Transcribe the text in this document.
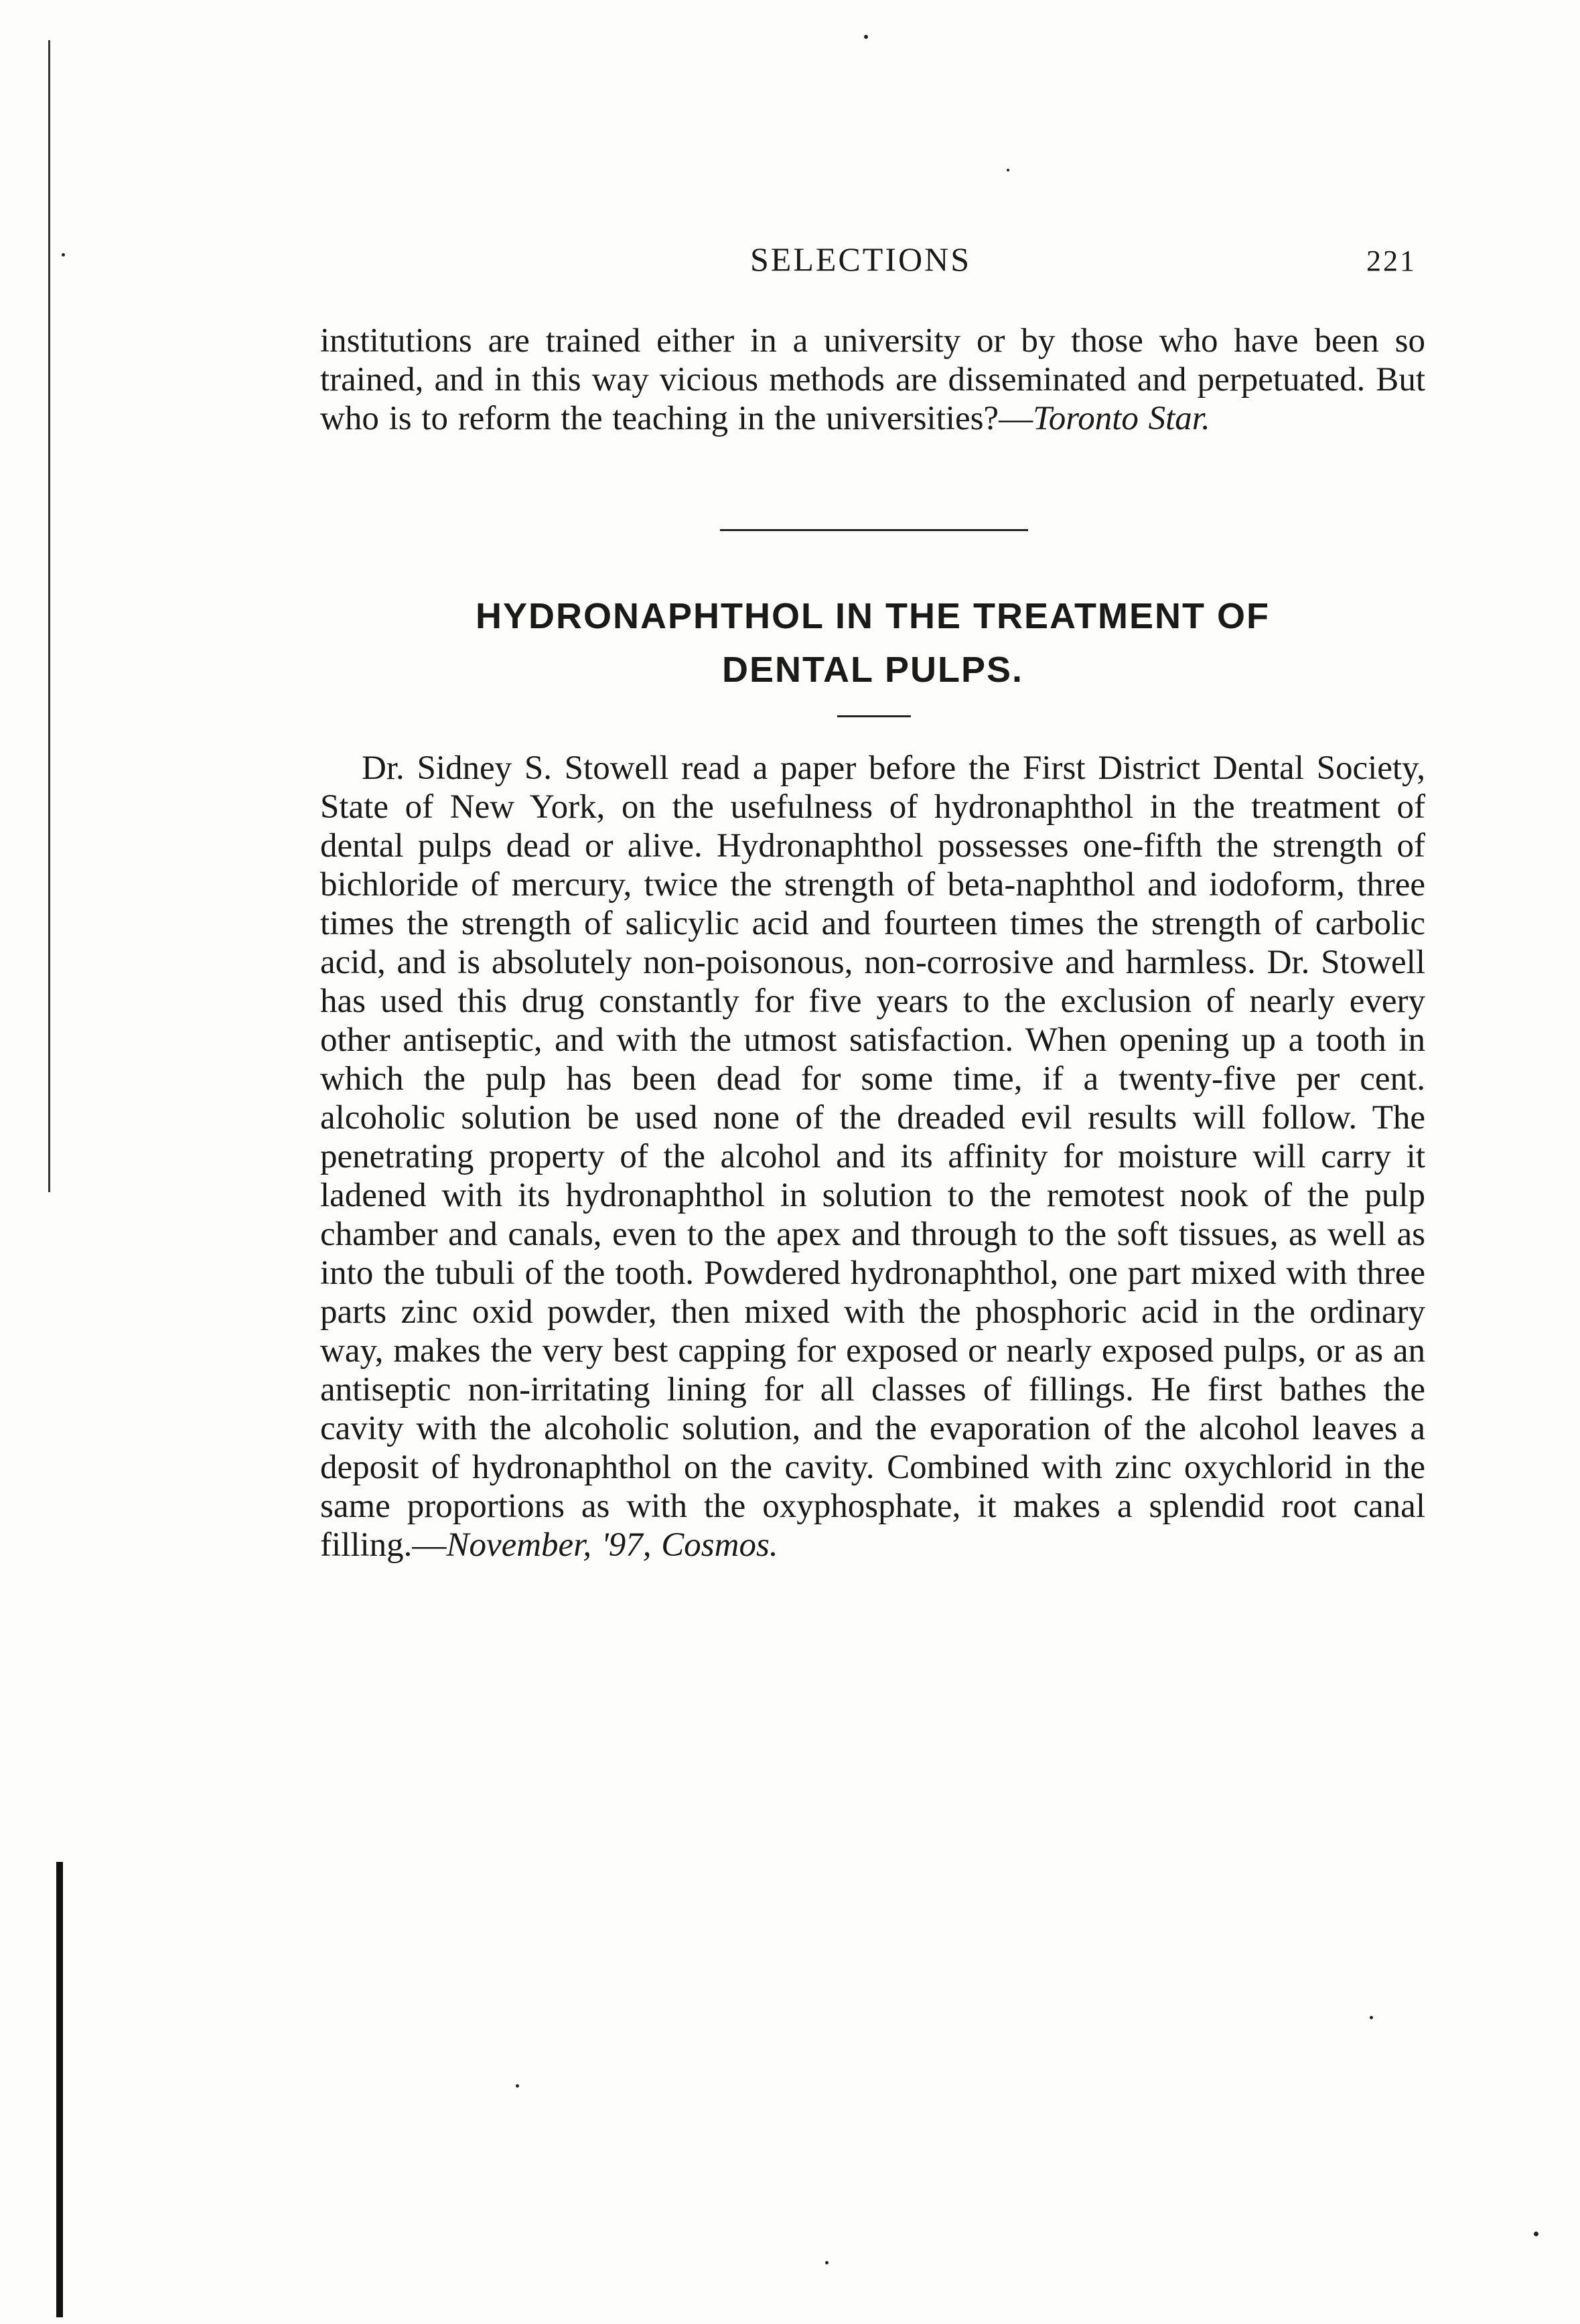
SELECTIONS	221
institutions are trained either in a university or by those who have been so trained, and in this way vicious methods are disseminated and perpetuated. But who is to reform the teaching in the universities?—Toronto Star.
HYDRONAPHTHOL IN THE TREATMENT OF
DENTAL PULPS.
Dr. Sidney S. Stowell read a paper before the First District Dental Society, State of New York, on the usefulness of hydronaphthol in the treatment of dental pulps dead or alive. Hydronaphthol possesses one-fifth the strength of bichloride of mercury, twice the strength of beta-naphthol and iodoform, three times the strength of salicylic acid and fourteen times the strength of carbolic acid, and is absolutely non-poisonous, non-corrosive and harmless. Dr. Stowell has used this drug constantly for five years to the exclusion of nearly every other antiseptic, and with the utmost satisfaction. When opening up a tooth in which the pulp has been dead for some time, if a twenty-five per cent. alcoholic solution be used none of the dreaded evil results will follow. The penetrating property of the alcohol and its affinity for moisture will carry it ladened with its hydronaphthol in solution to the remotest nook of the pulp chamber and canals, even to the apex and through to the soft tissues, as well as into the tubuli of the tooth. Powdered hydronaphthol, one part mixed with three parts zinc oxid powder, then mixed with the phosphoric acid in the ordinary way, makes the very best capping for exposed or nearly exposed pulps, or as an antiseptic non-irritating lining for all classes of fillings. He first bathes the cavity with the alcoholic solution, and the evaporation of the alcohol leaves a deposit of hydronaphthol on the cavity. Combined with zinc oxychlorid in the same proportions as with the oxyphosphate, it makes a splendid root canal filling.—November, '97, Cosmos.
